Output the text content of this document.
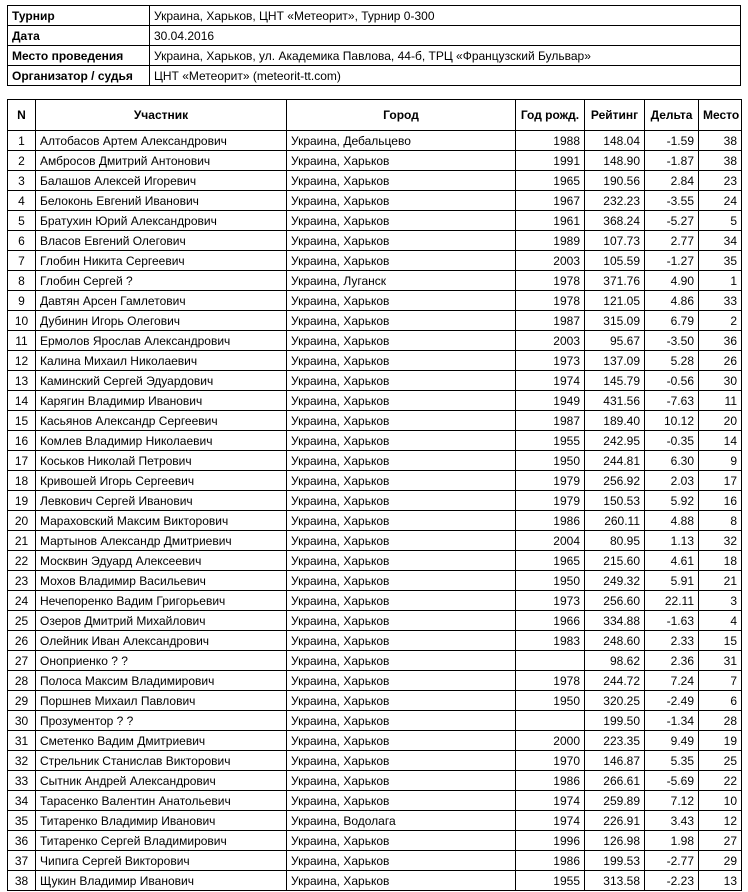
Турнир	Украина, Харьков, ЦНТ «Метеорит», Турнир 0-300
Дата	30.04.2016
Место проведения	Украина, Харьков, ул. Академика Павлова, 44-б, ТРЦ «Французский Бульвар»
Организатор / судья	ЦНТ «Метеорит» (meteorit-tt.com)
N	Участник	Город	Год рожд.	Рейтинг	Дельта	Место
1	Алтобасов Артем Александрович	Украина, Дебальцево	1988	148.04	-1.59	38
2	Амбросов Дмитрий Антонович	Украина, Харьков	1991	148.90	-1.87	38
3	Балашов Алексей Игоревич	Украина, Харьков	1965	190.56	2.84	23
4	Белоконь Евгений Иванович	Украина, Харьков	1967	232.23	-3.55	24
5	Братухин Юрий Александрович	Украина, Харьков	1961	368.24	-5.27	5
6	Власов Евгений Олегович	Украина, Харьков	1989	107.73	2.77	34
7	Глобин Никита Сергеевич	Украина, Харьков	2003	105.59	-1.27	35
8	Глобин Сергей ?	Украина, Луганск	1978	371.76	4.90	1
9	Давтян Арсен Гамлетович	Украина, Харьков	1978	121.05	4.86	33
10	Дубинин Игорь Олегович	Украина, Харьков	1987	315.09	6.79	2
11	Ермолов Ярослав Александрович	Украина, Харьков	2003	95.67	-3.50	36
12	Калина Михаил Николаевич	Украина, Харьков	1973	137.09	5.28	26
13	Каминский Сергей Эдуардович	Украина, Харьков	1974	145.79	-0.56	30
14	Карягин Владимир Иванович	Украина, Харьков	1949	431.56	-7.63	11
15	Касьянов Александр Сергеевич	Украина, Харьков	1987	189.40	10.12	20
16	Комлев Владимир Николаевич	Украина, Харьков	1955	242.95	-0.35	14
17	Коськов Николай Петрович	Украина, Харьков	1950	244.81	6.30	9
18	Кривошей Игорь Сергеевич	Украина, Харьков	1979	256.92	2.03	17
19	Левкович Сергей Иванович	Украина, Харьков	1979	150.53	5.92	16
20	Мараховский Максим Викторович	Украина, Харьков	1986	260.11	4.88	8
21	Мартынов Александр Дмитриевич	Украина, Харьков	2004	80.95	1.13	32
22	Москвин Эдуард Алексеевич	Украина, Харьков	1965	215.60	4.61	18
23	Мохов Владимир Васильевич	Украина, Харьков	1950	249.32	5.91	21
24	Нечепоренко Вадим Григорьевич	Украина, Харьков	1973	256.60	22.11	3
25	Озеров Дмитрий Михайлович	Украина, Харьков	1966	334.88	-1.63	4
26	Олейник Иван Александрович	Украина, Харьков	1983	248.60	2.33	15
27	Оноприенко ? ?	Украина, Харьков		98.62	2.36	31
28	Полоса Максим Владимирович	Украина, Харьков	1978	244.72	7.24	7
29	Поршнев Михаил Павлович	Украина, Харьков	1950	320.25	-2.49	6
30	Прозументор ? ?	Украина, Харьков		199.50	-1.34	28
31	Сметенко Вадим Дмитриевич	Украина, Харьков	2000	223.35	9.49	19
32	Стрельник Станислав Викторович	Украина, Харьков	1970	146.87	5.35	25
33	Сытник Андрей Александрович	Украина, Харьков	1986	266.61	-5.69	22
34	Тарасенко Валентин Анатольевич	Украина, Харьков	1974	259.89	7.12	10
35	Титаренко Владимир Иванович	Украина, Водолага	1974	226.91	3.43	12
36	Титаренко Сергей Владимирович	Украина, Харьков	1996	126.98	1.98	27
37	Чипига Сергей Викторович	Украина, Харьков	1986	199.53	-2.77	29
38	Щукин Владимир Иванович	Украина, Харьков	1955	313.58	-2.23	13
